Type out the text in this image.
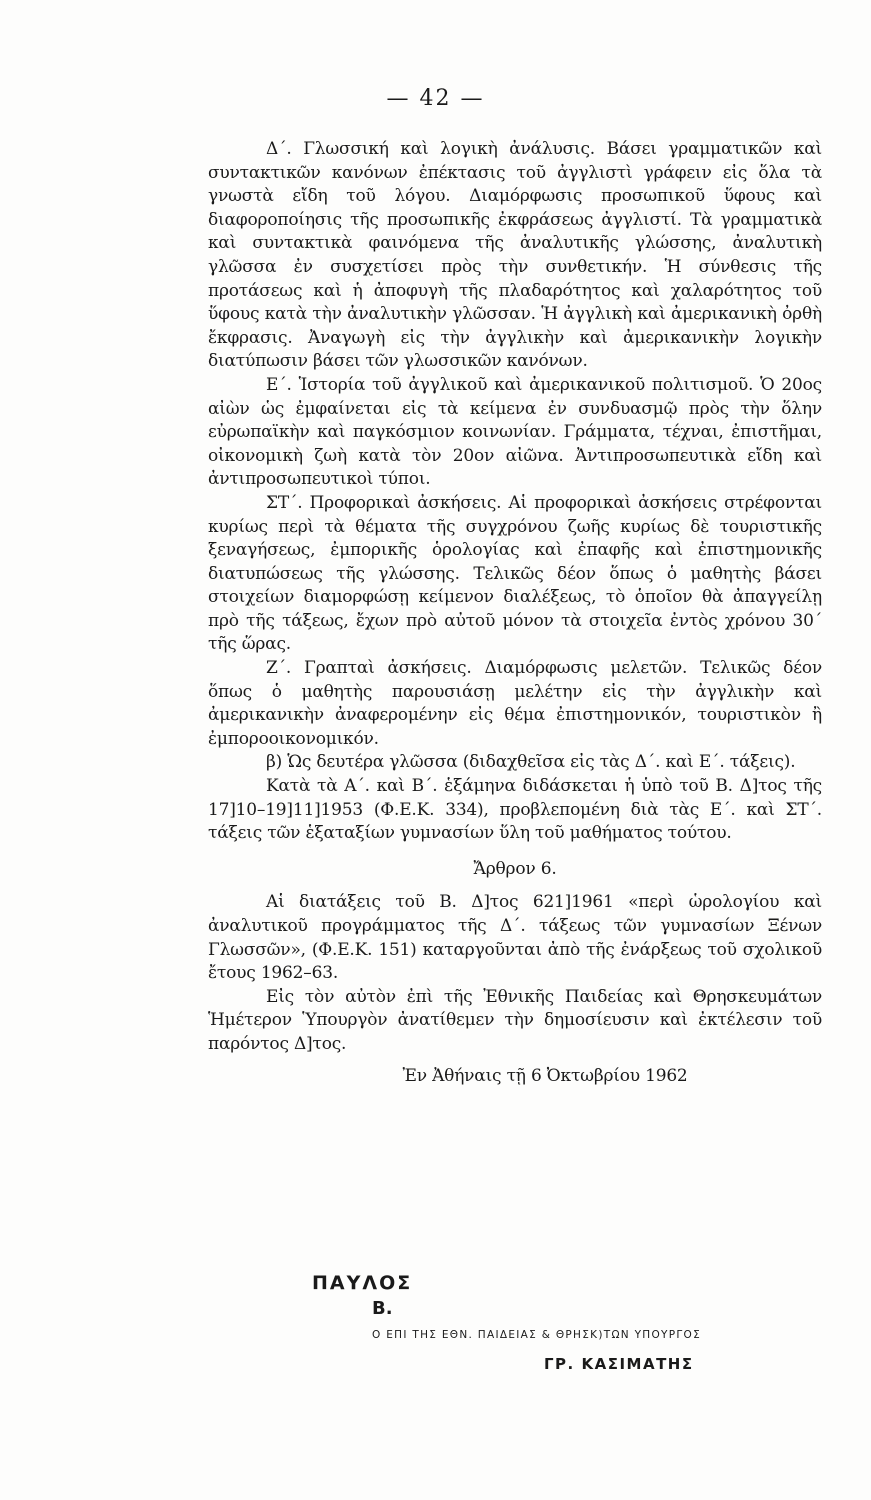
— 42 —

Δ΄. Γλωσσική καὶ λογικὴ ἀνάλυσις. Βάσει γραμματικῶν καὶ συντακτικῶν κανόνων ἐπέκτασις τοῦ ἀγγλιστὶ γράφειν εἰς ὅλα τὰ γνωστὰ εἴδη τοῦ λόγου. Διαμόρφωσις προσωπικοῦ ὕφους καὶ διαφοροποίησις τῆς προσωπικῆς ἐκφράσεως ἀγγλιστί. Τὰ γραμματικὰ καὶ συντακτικὰ φαινόμενα τῆς ἀναλυτικῆς γλώσσης, ἀναλυτικὴ γλῶσσα ἐν συσχετίσει πρὸς τὴν συνθετικήν. Ἡ σύνθεσις τῆς προτάσεως καὶ ἡ ἀποφυγὴ τῆς πλαδαρότητος καὶ χαλαρότητος τοῦ ὕφους κατὰ τὴν ἀναλυτικὴν γλῶσσαν. Ἡ ἀγγλικὴ καὶ ἀμερικανικὴ ὀρθὴ ἔκφρασις. Ἀναγωγὴ εἰς τὴν ἀγγλικὴν καὶ ἀμερικανικὴν λογικὴν διατύπωσιν βάσει τῶν γλωσσικῶν κανόνων.

Ε΄. Ἱστορία τοῦ ἀγγλικοῦ καὶ ἀμερικανικοῦ πολιτισμοῦ. Ὁ 20ος αἰὼν ὡς ἐμφαίνεται εἰς τὰ κείμενα ἐν συνδυασμῷ πρὸς τὴν ὅλην εὐρωπαϊκὴν καὶ παγκόσμιον κοινωνίαν. Γράμματα, τέχναι, ἐπιστῆμαι, οἰκονομικὴ ζωὴ κατὰ τὸν 20ον αἰῶνα. Ἀντιπροσωπευτικὰ εἴδη καὶ ἀντιπροσωπευτικοὶ τύποι.

ΣΤ΄. Προφορικαὶ ἀσκήσεις. Αἱ προφορικαὶ ἀσκήσεις στρέφονται κυρίως περὶ τὰ θέματα τῆς συγχρόνου ζωῆς κυρίως δὲ τουριστικῆς ξεναγήσεως, ἐμπορικῆς ὁρολογίας καὶ ἐπαφῆς καὶ ἐπιστημονικῆς διατυπώσεως τῆς γλώσσης. Τελικῶς δέον ὅπως ὁ μαθητὴς βάσει στοιχείων διαμορφώσῃ κείμενον διαλέξεως, τὸ ὁποῖον θὰ ἀπαγγείλῃ πρὸ τῆς τάξεως, ἔχων πρὸ αὐτοῦ μόνον τὰ στοιχεῖα ἐντὸς χρόνου 30΄ τῆς ὥρας.

Ζ΄. Γραπταὶ ἀσκήσεις. Διαμόρφωσις μελετῶν. Τελικῶς δέον ὅπως ὁ μαθητὴς παρουσιάσῃ μελέτην εἰς τὴν ἀγγλικὴν καὶ ἀμερικανικὴν ἀναφερομένην εἰς θέμα ἐπιστημονικόν, τουριστικὸν ἢ ἐμποροοικονομικόν.

β) Ὡς δευτέρα γλῶσσα (διδαχθεῖσα εἰς τὰς Δ΄. καὶ Ε΄. τάξεις).

Κατὰ τὰ Α΄. καὶ Β΄. ἑξάμηνα διδάσκεται ἡ ὑπὸ τοῦ Β. Δ]τος τῆς 17]10–19]11]1953 (Φ.Ε.Κ. 334), προβλεπομένη διὰ τὰς Ε΄. καὶ ΣΤ΄. τάξεις τῶν ἑξαταξίων γυμνασίων ὕλη τοῦ μαθήματος τούτου.

Ἄρθρον 6.

Αἱ διατάξεις τοῦ Β. Δ]τος 621]1961 «περὶ ὡρολογίου καὶ ἀναλυτικοῦ προγράμματος τῆς Δ΄. τάξεως τῶν γυμνασίων Ξένων Γλωσσῶν», (Φ.Ε.Κ. 151) καταργοῦνται ἀπὸ τῆς ἐνάρξεως τοῦ σχολικοῦ ἔτους 1962–63.

Εἰς τὸν αὐτὸν ἐπὶ τῆς Ἐθνικῆς Παιδείας καὶ Θρησκευμάτων Ἡμέτερον Ὑπουργὸν ἀνατίθεμεν τὴν δημοσίευσιν καὶ ἐκτέλεσιν τοῦ παρόντος Δ]τος.

Ἐν Ἀθήναις τῇ 6 Ὀκτωβρίου 1962

ΠΑΥΛΟΣ

Β.

Ο ΕΠΙ ΤΗΣ ΕΘΝ. ΠΑΙΔΕΙΑΣ & ΘΡΗΣΚ)ΤΩΝ ΥΠΟΥΡΓΟΣ

ΓΡ. ΚΑΣΙΜΑΤΗΣ
